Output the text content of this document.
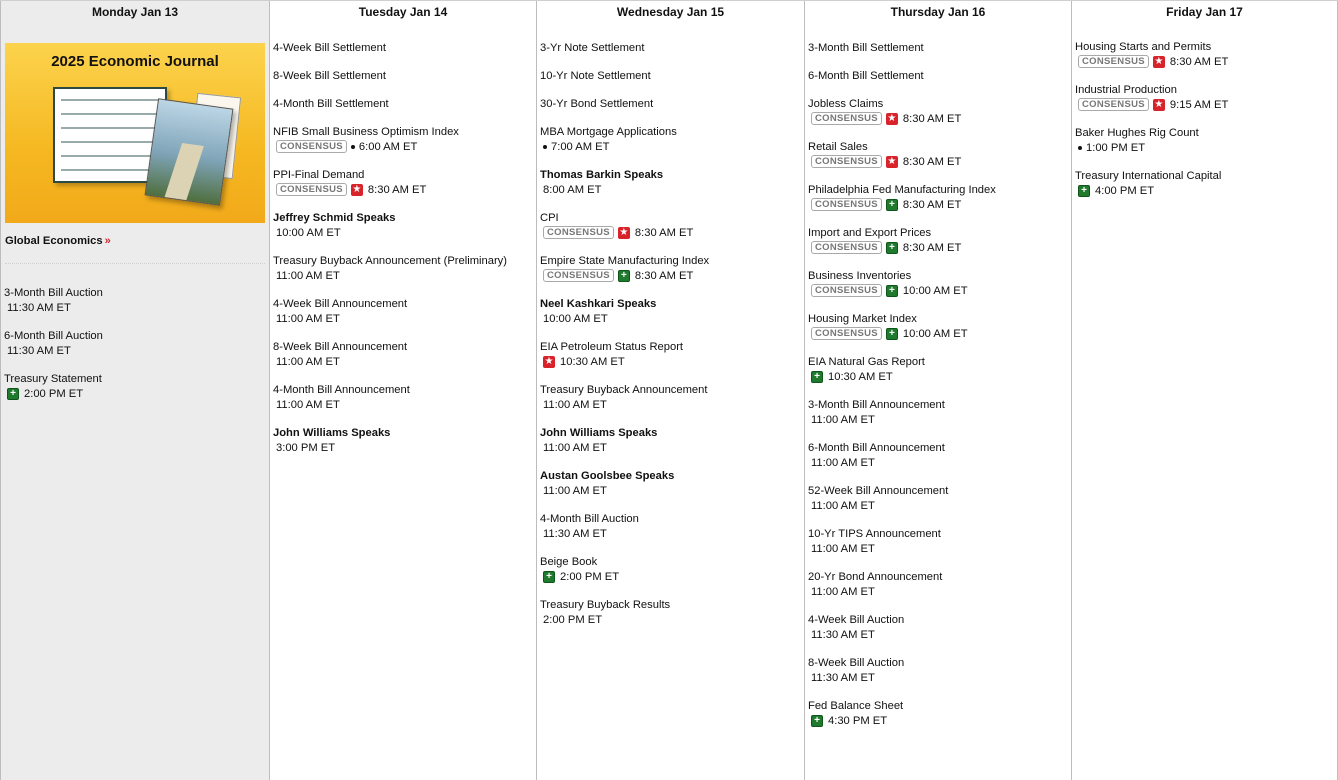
Monday Jan 13
2025 Economic Journal
Global Economics »
3-Month Bill Auction
11:30 AM ET
6-Month Bill Auction
11:30 AM ET
Treasury Statement
+ 2:00 PM ET
Tuesday Jan 14
4-Week Bill Settlement
8-Week Bill Settlement
4-Month Bill Settlement
NFIB Small Business Optimism Index
CONSENSUS	6:00 AM ET
PPI-Final Demand
CONSENSUS ★ 8:30 AM ET
Jeffrey Schmid Speaks
10:00 AM ET
Treasury Buyback Announcement (Preliminary)
11:00 AM ET
4-Week Bill Announcement
11:00 AM ET
8-Week Bill Announcement
11:00 AM ET
4-Month Bill Announcement
11:00 AM ET
John Williams Speaks
3:00 PM ET
Wednesday Jan 15
3-Yr Note Settlement
10-Yr Note Settlement
30-Yr Bond Settlement
MBA Mortgage Applications
7:00 AM ET
Thomas Barkin Speaks
8:00 AM ET
CPI
CONSENSUS ★ 8:30 AM ET
Empire State Manufacturing Index
CONSENSUS	+ 8:30 AM ET
Neel Kashkari Speaks
10:00 AM ET
EIA Petroleum Status Report
★ 10:30 AM ET
Treasury Buyback Announcement
11:00 AM ET
John Williams Speaks
11:00 AM ET
Austan Goolsbee Speaks
11:00 AM ET
4-Month Bill Auction
11:30 AM ET
Beige Book
+ 2:00 PM ET
Treasury Buyback Results
2:00 PM ET
Thursday Jan 16
3-Month Bill Settlement
6-Month Bill Settlement
Jobless Claims
CONSENSUS ★ 8:30 AM ET
Retail Sales
CONSENSUS ★ 8:30 AM ET
Philadelphia Fed Manufacturing Index
CONSENSUS	+ 8:30 AM ET
Import and Export Prices
CONSENSUS	+ 8:30 AM ET
Business Inventories
CONSENSUS	+ 10:00 AM ET
Housing Market Index
CONSENSUS	+ 10:00 AM ET
EIA Natural Gas Report
+ 10:30 AM ET
3-Month Bill Announcement
11:00 AM ET
6-Month Bill Announcement
11:00 AM ET
52-Week Bill Announcement
11:00 AM ET
10-Yr TIPS Announcement
11:00 AM ET
20-Yr Bond Announcement
11:00 AM ET
4-Week Bill Auction
11:30 AM ET
8-Week Bill Auction
11:30 AM ET
Fed Balance Sheet
+ 4:30 PM ET
Friday Jan 17
Housing Starts and Permits
CONSENSUS ★ 8:30 AM ET
Industrial Production
CONSENSUS ★ 9:15 AM ET
Baker Hughes Rig Count
1:00 PM ET
Treasury International Capital
+ 4:00 PM ET
